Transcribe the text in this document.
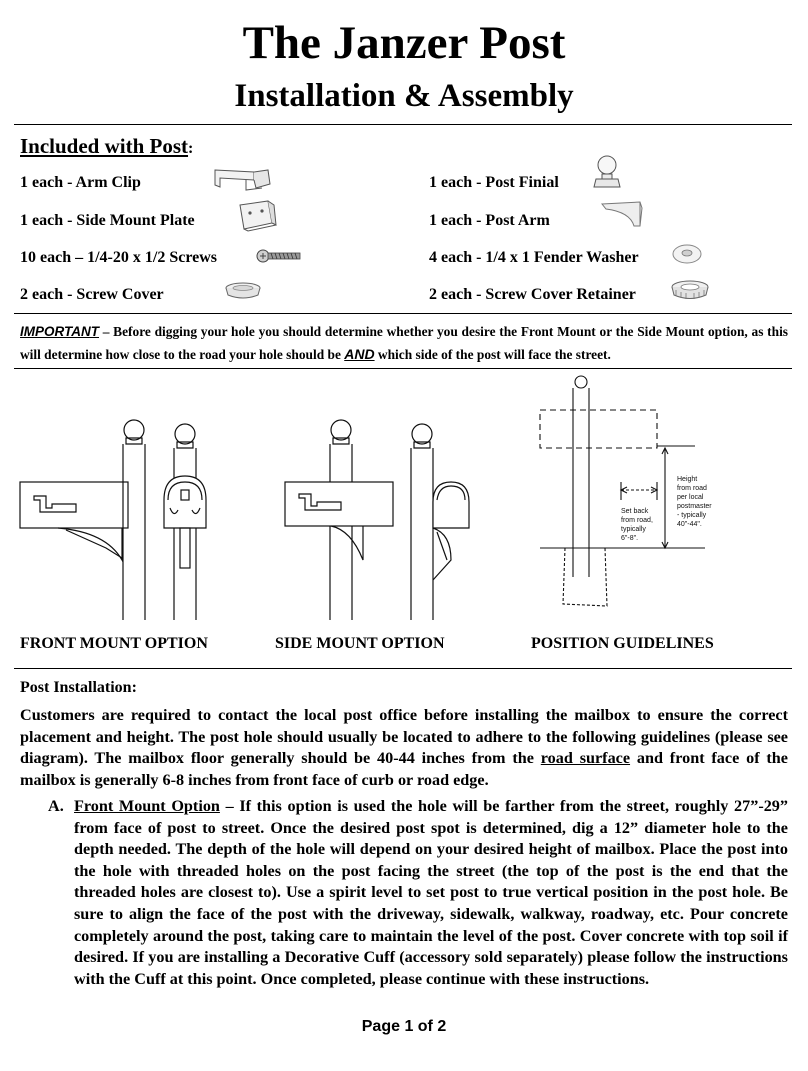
The Janzer Post
Installation & Assembly
Included with Post:
1 each - Arm Clip
1 each - Side Mount Plate
10 each – 1/4-20 x 1/2 Screws
2 each - Screw Cover
1 each - Post Finial
1 each - Post Arm
4 each - 1/4 x 1 Fender Washer
2 each - Screw Cover Retainer
IMPORTANT – Before digging your hole you should determine whether you desire the Front Mount or the Side Mount option, as this will determine how close to the road your hole should be AND which side of the post will face the street.
Set back
from road,
typically
6"-8".
Height
from road
per local
postmaster
- typically
40"-44".
FRONT MOUNT OPTION	SIDE MOUNT OPTION	POSITION GUIDELINES
Post Installation:
Customers are required to contact the local post office before installing the mailbox to ensure the correct placement and height. The post hole should usually be located to adhere to the following guidelines (please see diagram). The mailbox floor generally should be 40-44 inches from the road surface and front face of the mailbox is generally 6-8 inches from front face of curb or road edge.
A. Front Mount Option – If this option is used the hole will be farther from the street, roughly 27”-29” from face of post to street. Once the desired post spot is determined, dig a 12” diameter hole to the depth needed. The depth of the hole will depend on your desired height of mailbox. Place the post into the hole with threaded holes on the post facing the street (the top of the post is the end that the threaded holes are closest to). Use a spirit level to set post to true vertical position in the post hole. Be sure to align the face of the post with the driveway, sidewalk, walkway, roadway, etc. Pour concrete completely around the post, taking care to maintain the level of the post. Cover concrete with top soil if desired. If you are installing a Decorative Cuff (accessory sold separately) please follow the instructions with the Cuff at this point. Once completed, please continue with these instructions.
Page 1 of 2
